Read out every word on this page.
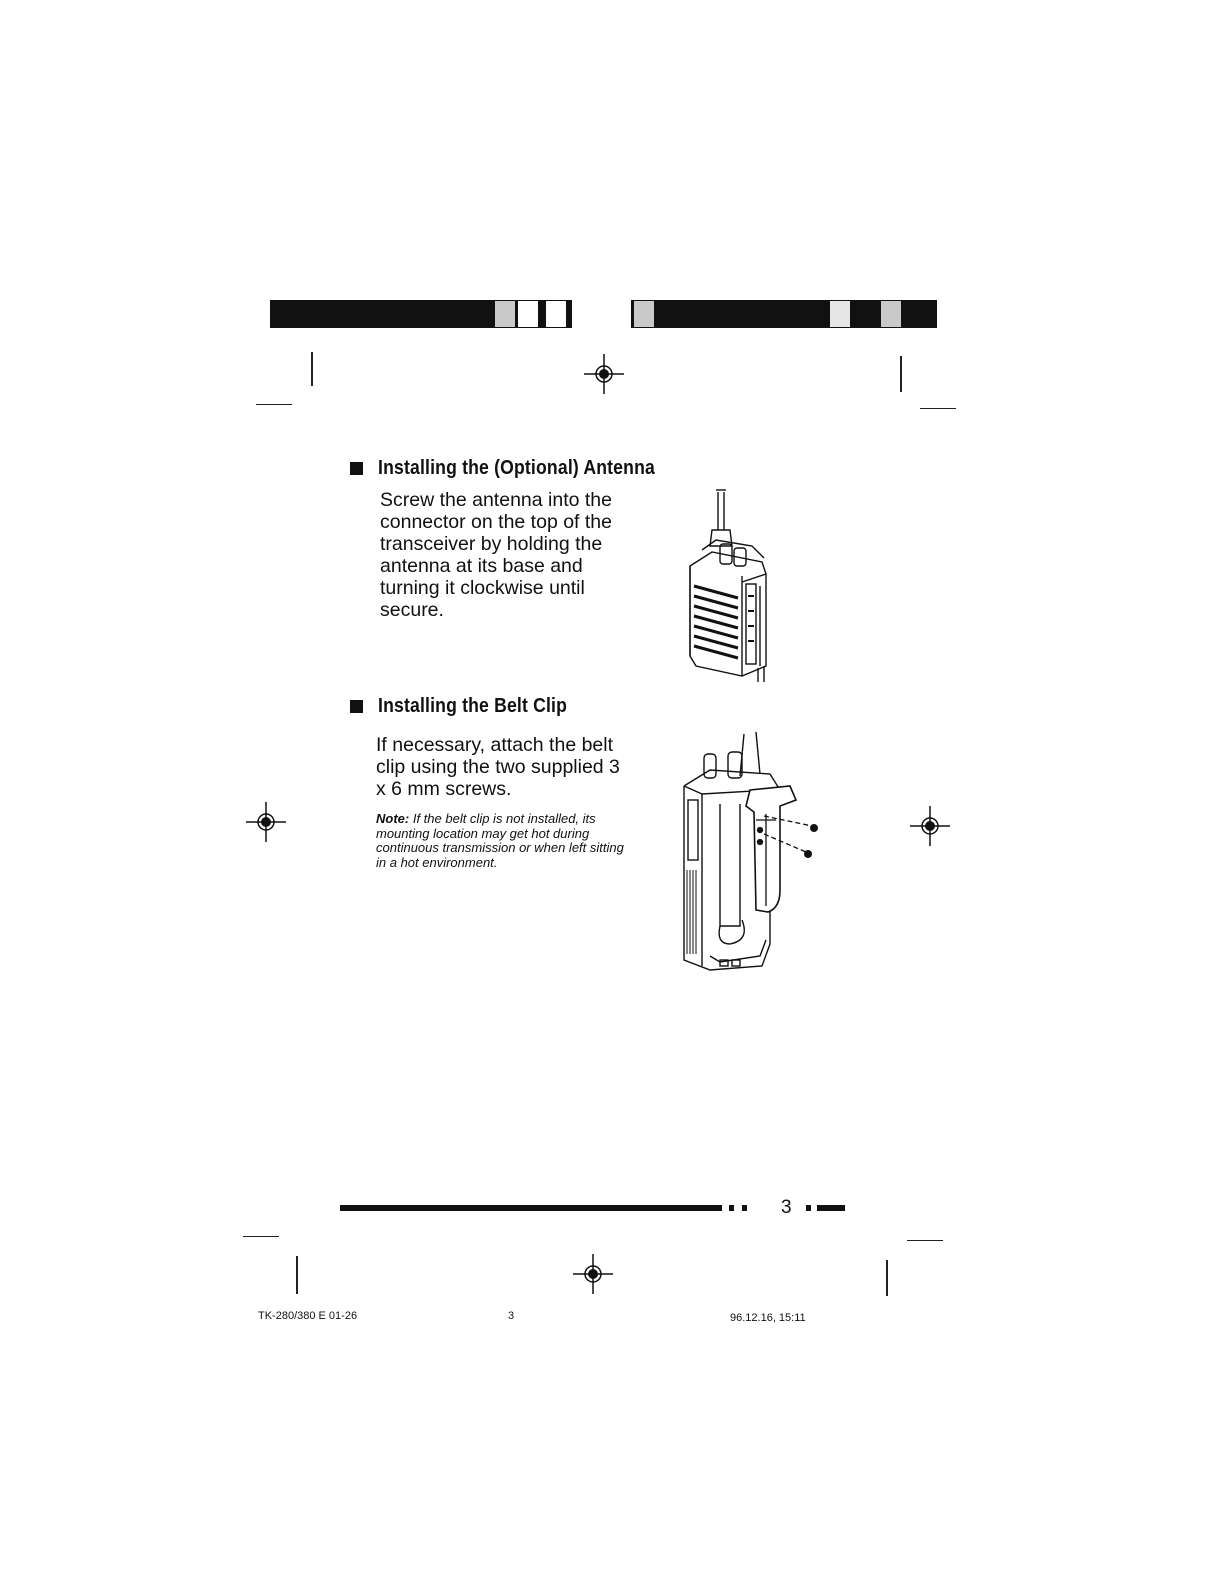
Installing the (Optional) Antenna
Screw the antenna into the connector on the top of the transceiver by holding the antenna at its base and turning it clockwise until secure.
Installing the Belt Clip
If necessary, attach the belt clip using the two supplied 3 x 6 mm screws.
Note: If the belt clip is not installed, its mounting location may get hot during continuous transmission or when left sitting in a hot environment.
3
TK-280/380 E 01-26	3	96.12.16, 15:11
